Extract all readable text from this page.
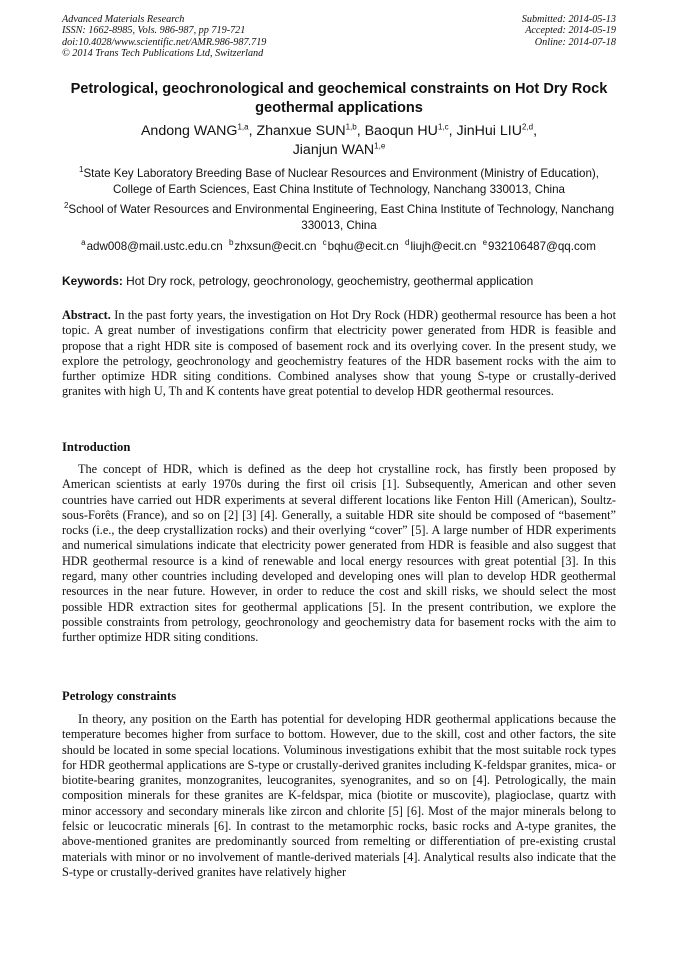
Advanced Materials Research
ISSN: 1662-8985, Vols. 986-987, pp 719-721
doi:10.4028/www.scientific.net/AMR.986-987.719
© 2014 Trans Tech Publications Ltd, Switzerland
Submitted: 2014-05-13
Accepted: 2014-05-19
Online: 2014-07-18
Petrological, geochronological and geochemical constraints on Hot Dry Rock geothermal applications
Andong WANG$^{1,a}$, Zhanxue SUN$^{1,b}$, Baoqun HU$^{1,c}$, JinHui LIU$^{2,d}$,
Jianjun WAN$^{1,e}$
$^1$State Key Laboratory Breeding Base of Nuclear Resources and Environment (Ministry of Education), College of Earth Sciences, East China Institute of Technology, Nanchang 330013, China
$^2$School of Water Resources and Environmental Engineering, East China Institute of Technology, Nanchang 330013, China
$^a$adw008@mail.ustc.edu.cn $^b$zhxsun@ecit.cn $^c$bqhu@ecit.cn $^d$liujh@ecit.cn $^e$932106487@qq.com
Keywords: Hot Dry rock, petrology, geochronology, geochemistry, geothermal application
Abstract. In the past forty years, the investigation on Hot Dry Rock (HDR) geothermal resource has been a hot topic. A great number of investigations confirm that electricity power generated from HDR is feasible and propose that a right HDR site is composed of basement rock and its overlying cover. In the present study, we explore the petrology, geochronology and geochemistry features of the HDR basement rocks with the aim to further optimize HDR siting conditions. Combined analyses show that young S-type or crustally-derived granites with high U, Th and K contents have great potential to develop HDR geothermal resources.
Introduction
The concept of HDR, which is defined as the deep hot crystalline rock, has firstly been proposed by American scientists at early 1970s during the first oil crisis [1]. Subsequently, American and other seven countries have carried out HDR experiments at several different locations like Fenton Hill (American), Soultz-sous-Forêts (France), and so on [2] [3] [4]. Generally, a suitable HDR site should be composed of “basement” rocks (i.e., the deep crystallization rocks) and their overlying “cover” [5]. A large number of HDR experiments and numerical simulations indicate that electricity power generated from HDR is feasible and also suggest that HDR geothermal resource is a kind of renewable and local energy resources with great potential [3]. In this regard, many other countries including developed and developing ones will plan to develop HDR geothermal resources in the near future. However, in order to reduce the cost and skill risks, we should select the most possible HDR extraction sites for geothermal applications [5]. In the present contribution, we explore the possible constraints from petrology, geochronology and geochemistry data for basement rocks with the aim to further optimize HDR siting conditions.
Petrology constraints
In theory, any position on the Earth has potential for developing HDR geothermal applications because the temperature becomes higher from surface to bottom. However, due to the skill, cost and other factors, the site should be located in some special locations. Voluminous investigations exhibit that the most suitable rock types for HDR geothermal applications are S-type or crustally-derived granites including K-feldspar granites, mica- or biotite-bearing granites, monzogranites, leucogranites, syenogranites, and so on [4]. Petrologically, the main composition minerals for these granites are K-feldspar, mica (biotite or muscovite), plagioclase, quartz with minor accessory and secondary minerals like zircon and chlorite [5] [6]. Most of the major minerals belong to felsic or leucocratic minerals [6]. In contrast to the metamorphic rocks, basic rocks and A-type granites, the above-mentioned granites are predominantly sourced from remelting or differentiation of pre-existing crustal materials with minor or no involvement of mantle-derived materials [4]. Analytical results also indicate that the S-type or crustally-derived granites have relatively higher
